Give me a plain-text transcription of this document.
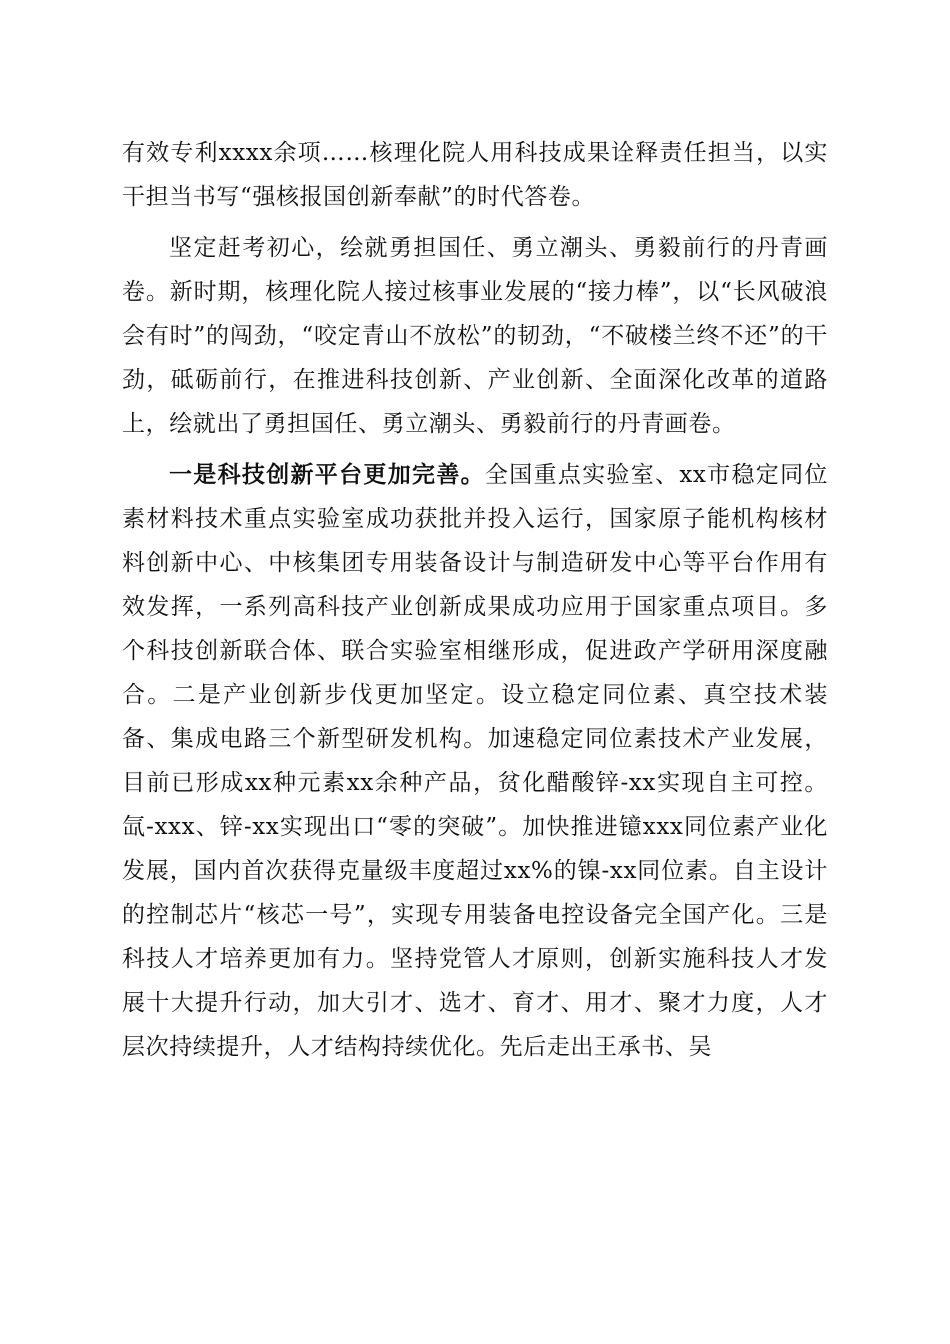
有效专利xxxx余项……核理化院人用科技成果诠释责任担当，以实干担当书写“强核报国创新奉献”的时代答卷。

坚定赶考初心，绘就勇担国任、勇立潮头、勇毅前行的丹青画卷。新时期，核理化院人接过核事业发展的“接力棒”，以“长风破浪会有时”的闯劲，“咬定青山不放松”的韧劲，“不破楼兰终不还”的干劲，砥砺前行，在推进科技创新、产业创新、全面深化改革的道路上，绘就出了勇担国任、勇立潮头、勇毅前行的丹青画卷。

一是科技创新平台更加完善。全国重点实验室、xx市稳定同位素材料技术重点实验室成功获批并投入运行，国家原子能机构核材料创新中心、中核集团专用装备设计与制造研发中心等平台作用有效发挥，一系列高科技产业创新成果成功应用于国家重点项目。多个科技创新联合体、联合实验室相继形成，促进政产学研用深度融合。二是产业创新步伐更加坚定。设立稳定同位素、真空技术装备、集成电路三个新型研发机构。加速稳定同位素技术产业发展，目前已形成xx种元素xx余种产品，贫化醋酸锌-xx实现自主可控。氙-xxx、锌-xx实现出口“零的突破”。加快推进镱xxx同位素产业化发展，国内首次获得克量级丰度超过xx%的镍-xx同位素。自主设计的控制芯片“核芯一号”，实现专用装备电控设备完全国产化。三是科技人才培养更加有力。坚持党管人才原则，创新实施科技人才发展十大提升行动，加大引才、选才、育才、用才、聚才力度，人才层次持续提升，人才结构持续优化。先后走出王承书、吴
